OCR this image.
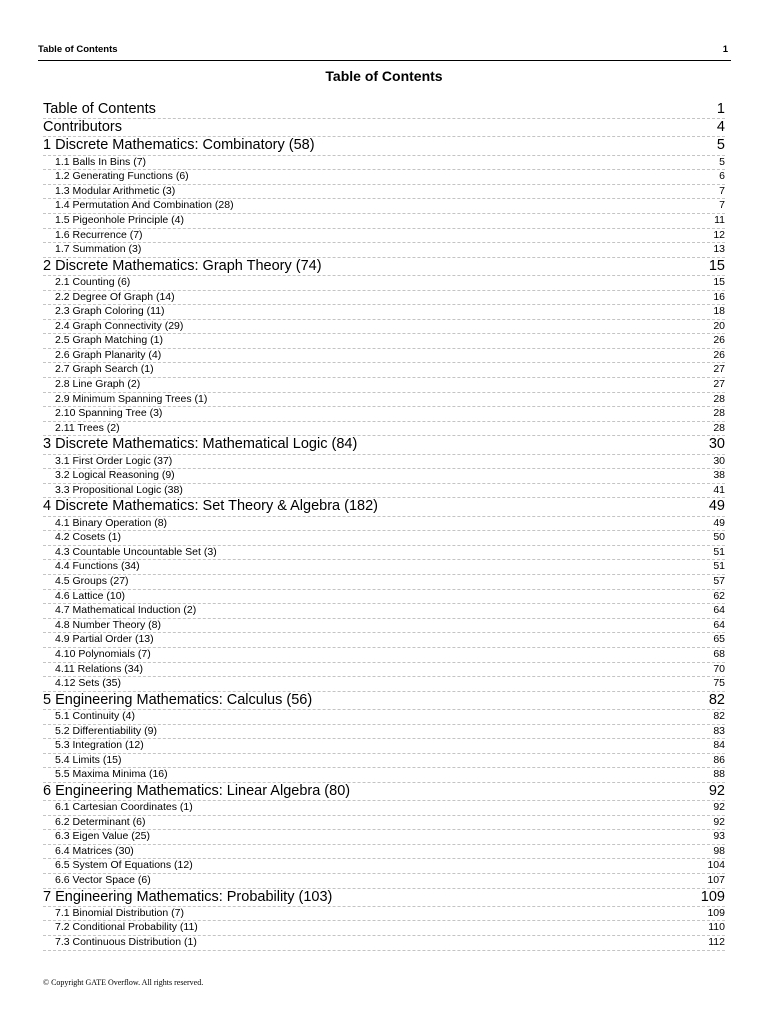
Table of Contents	1
Table of Contents
Table of Contents	1
Contributors	4
1 Discrete Mathematics: Combinatory (58)	5
1.1 Balls In Bins (7)	5
1.2 Generating Functions (6)	6
1.3 Modular Arithmetic (3)	7
1.4 Permutation And Combination (28)	7
1.5 Pigeonhole Principle (4)	11
1.6 Recurrence (7)	12
1.7 Summation (3)	13
2 Discrete Mathematics: Graph Theory (74)	15
2.1 Counting (6)	15
2.2 Degree Of Graph (14)	16
2.3 Graph Coloring (11)	18
2.4 Graph Connectivity (29)	20
2.5 Graph Matching (1)	26
2.6 Graph Planarity (4)	26
2.7 Graph Search (1)	27
2.8 Line Graph (2)	27
2.9 Minimum Spanning Trees (1)	28
2.10 Spanning Tree (3)	28
2.11 Trees (2)	28
3 Discrete Mathematics: Mathematical Logic (84)	30
3.1 First Order Logic (37)	30
3.2 Logical Reasoning (9)	38
3.3 Propositional Logic (38)	41
4 Discrete Mathematics: Set Theory & Algebra (182)	49
4.1 Binary Operation (8)	49
4.2 Cosets (1)	50
4.3 Countable Uncountable Set (3)	51
4.4 Functions (34)	51
4.5 Groups (27)	57
4.6 Lattice (10)	62
4.7 Mathematical Induction (2)	64
4.8 Number Theory (8)	64
4.9 Partial Order (13)	65
4.10 Polynomials (7)	68
4.11 Relations (34)	70
4.12 Sets (35)	75
5 Engineering Mathematics: Calculus (56)	82
5.1 Continuity (4)	82
5.2 Differentiability (9)	83
5.3 Integration (12)	84
5.4 Limits (15)	86
5.5 Maxima Minima (16)	88
6 Engineering Mathematics: Linear Algebra (80)	92
6.1 Cartesian Coordinates (1)	92
6.2 Determinant (6)	92
6.3 Eigen Value (25)	93
6.4 Matrices (30)	98
6.5 System Of Equations (12)	104
6.6 Vector Space (6)	107
7 Engineering Mathematics: Probability (103)	109
7.1 Binomial Distribution (7)	109
7.2 Conditional Probability (11)	110
7.3 Continuous Distribution (1)	112
© Copyright GATE Overflow. All rights reserved.
